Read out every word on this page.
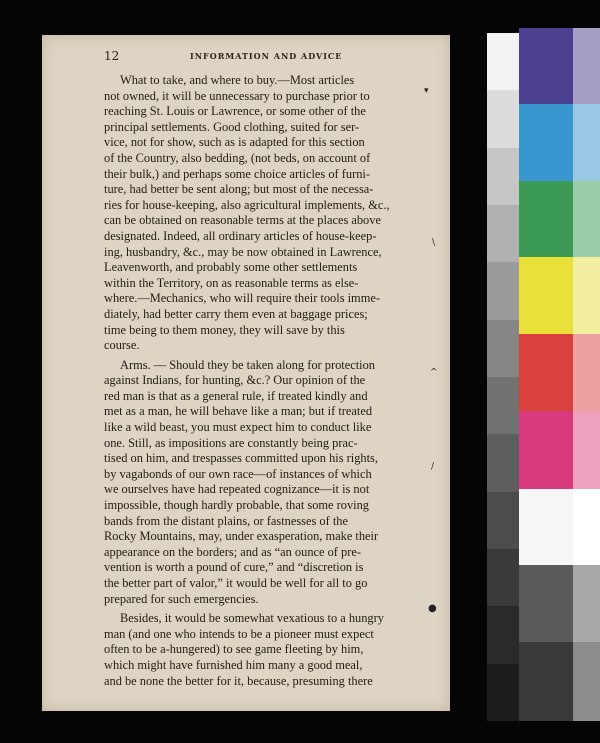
12	INFORMATION AND ADVICE
What to take, and where to buy.—Most articles
not owned, it will be unnecessary to purchase prior to
reaching St. Louis or Lawrence, or some other of the
principal settlements. Good clothing, suited for ser-
vice, not for show, such as is adapted for this section
of the Country, also bedding, (not beds, on account of
their bulk,) and perhaps some choice articles of furni-
ture, had better be sent along; but most of the necessa-
ries for house-keeping, also agricultural implements, &c.,
can be obtained on reasonable terms at the places above
designated. Indeed, all ordinary articles of house-keep-
ing, husbandry, &c., may be now obtained in Lawrence,
Leavenworth, and probably some other settlements
within the Territory, on as reasonable terms as else-
where.—Mechanics, who will require their tools imme-
diately, had better carry them even at baggage prices;
time being to them money, they will save by this
course.
Arms. — Should they be taken along for protection
against Indians, for hunting, &c.? Our opinion of the
red man is that as a general rule, if treated kindly and
met as a man, he will behave like a man; but if treated
like a wild beast, you must expect him to conduct like
one. Still, as impositions are constantly being prac-
tised on him, and trespasses committed upon his rights,
by vagabonds of our own race—of instances of which
we ourselves have had repeated cognizance—it is not
impossible, though hardly probable, that some roving
bands from the distant plains, or fastnesses of the
Rocky Mountains, may, under exasperation, make their
appearance on the borders; and as “an ounce of pre-
vention is worth a pound of cure,” and “discretion is
the better part of valor,” it would be well for all to go
prepared for such emergencies.
Besides, it would be somewhat vexatious to a hungry
man (and one who intends to be a pioneer must expect
often to be a-hungered) to see game fleeting by him,
which might have furnished him many a good meal,
and be none the better for it, because, presuming there
▾
\
^
/
●
